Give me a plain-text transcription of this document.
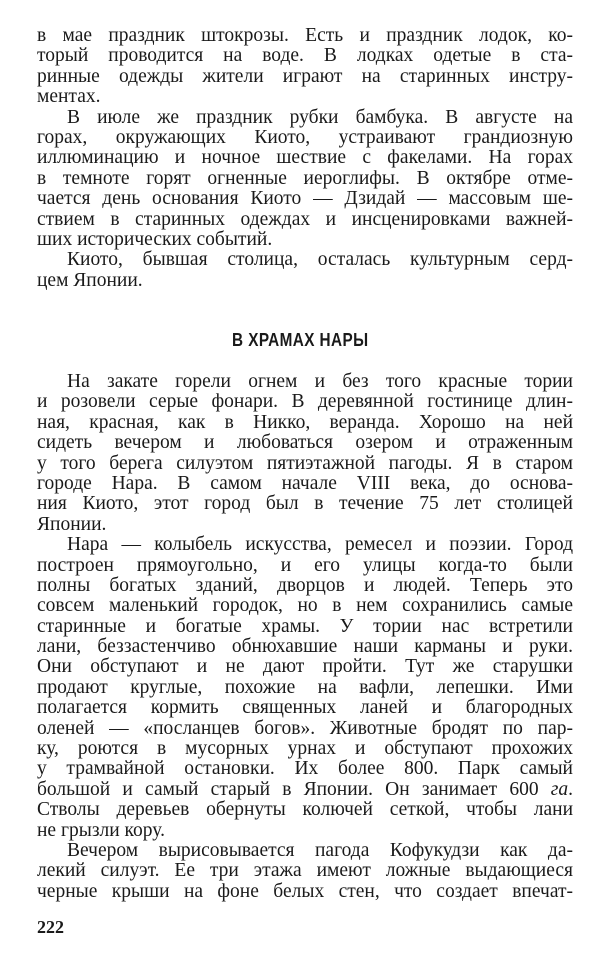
в мае праздник штокрозы. Есть и праздник лодок, ко-
торый проводится на воде. В лодках одетые в ста-
ринные одежды жители играют на старинных инстру-
ментах.
В июле же праздник рубки бамбука. В августе на
горах, окружающих Киото, устраивают грандиозную
иллюминацию и ночное шествие с факелами. На горах
в темноте горят огненные иероглифы. В октябре отме-
чается день основания Киото — Дзидай — массовым ше-
ствием в старинных одеждах и инсценировками важней-
ших исторических событий.
Киото, бывшая столица, осталась культурным серд-
цем Японии.
В ХРАМАХ НАРЫ
На закате горели огнем и без того красные тории
и розовели серые фонари. В деревянной гостинице длин-
ная, красная, как в Никко, веранда. Хорошо на ней
сидеть вечером и любоваться озером и отраженным
у того берега силуэтом пятиэтажной пагоды. Я в старом
городе Нара. В самом начале VIII века, до основа-
ния Киото, этот город был в течение 75 лет столицей
Японии.
Нара — колыбель искусства, ремесел и поэзии. Город
построен прямоугольно, и его улицы когда-то были
полны богатых зданий, дворцов и людей. Теперь это
совсем маленький городок, но в нем сохранились самые
старинные и богатые храмы. У тории нас встретили
лани, беззастенчиво обнюхавшие наши карманы и руки.
Они обступают и не дают пройти. Тут же старушки
продают круглые, похожие на вафли, лепешки. Ими
полагается кормить священных ланей и благородных
оленей — «посланцев богов». Животные бродят по пар-
ку, роются в мусорных урнах и обступают прохожих
у трамвайной остановки. Их более 800. Парк самый
большой и самый старый в Японии. Он занимает 600 га.
Стволы деревьев обернуты колючей сеткой, чтобы лани
не грызли кору.
Вечером вырисовывается пагода Кофукудзи как да-
лекий силуэт. Ее три этажа имеют ложные выдающиеся
черные крыши на фоне белых стен, что создает впечат-
222
